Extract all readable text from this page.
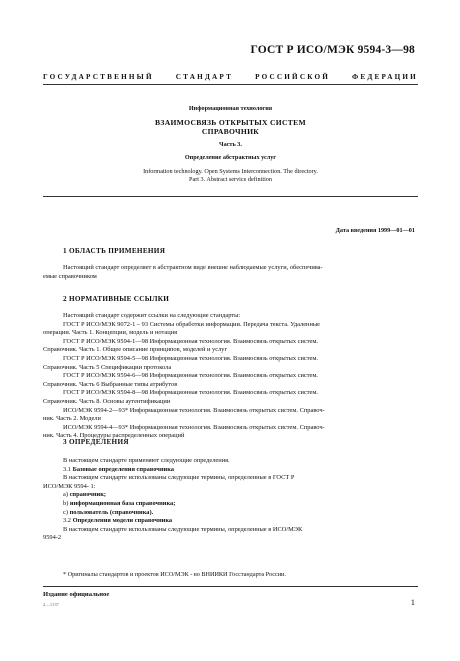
ГОСТ Р ИСО/МЭК 9594-3—98
ГОСУДАРСТВЕННЫЙ	СТАНДАРТ	РОССИЙСКОЙ	ФЕДЕРАЦИИ
Информационная технология
ВЗАИМОСВЯЗЬ ОТКРЫТЫХ СИСТЕМ
СПРАВОЧНИК
Часть 3.
Определение абстрактных услуг
Information technology. Open Systems Interconnection. The directory.
Part 3. Abstract service definition
Дата введения 1999—01—01
1 ОБЛАСТЬ ПРИМЕНЕНИЯ

Настоящий стандарт определяет в абстрактном виде внешне наблюдаемые услуги, обеспечива-

емые справочником

2 НОРМАТИВНЫЕ ССЫЛКИ

Настоящий стандарт содержит ссылки на следующие стандарты:

ГОСТ Р ИСО/МЭК 9072-1 – 93 Системы обработки информации. Передача текста. Удаленные

операции. Часть 1. Концепции, модель и нотация

ГОСТ Р ИСО/МЭК 9594-1—98 Информационная технология. Взаимосвязь открытых систем.

Справочник. Часть 1. Общее описание принципов, моделей и услуг

ГОСТ Р ИСО/МЭК 9594-5—98 Информационная технология. Взаимосвязь открытых систем.

Справочник. Часть 5 Спецификации протокола

ГОСТ Р ИСО/МЭК 9594-6—98 Информационная технология. Взаимосвязь открытых систем.

Справочник. Часть 6 Выбранные типы атрибутов

ГОСТ Р ИСО/МЭК 9594-8—98 Информационная технология. Взаимосвязь открытых систем.

Справочник. Часть 8. Основы аутентификации

ИСО/МЭК 9594-2—93* Информационная технология. Взаимосвязь открытых систем. Справоч-

ник. Часть 2. Модели

ИСО/МЭК 9594-4—93* Информационная технология. Взаимосвязь открытых систем. Справоч-

ник. Часть 4. Процедуры распределенных операций

3 ОПРЕДЕЛЕНИЯ

В настоящем стандарте применяют следующие определения.

3.1 Базовые определения справочника

В настоящем стандарте использованы следующие термины, определенные в ГОСТ Р

ИСО/МЭК 9594- 1:

а) справочник;

b) информационная база справочника;

с) пользователь (справочника).

3.2 Определения модели справочника

В настоящем стандарте использованы следующие термины, определенные в ИСО/МЭК

9594-2

* Оригиналы стандартов и проектов ИСО/МЭК - во ВНИИКИ Госстандарта России.
Издание официальное
2—1137	1
